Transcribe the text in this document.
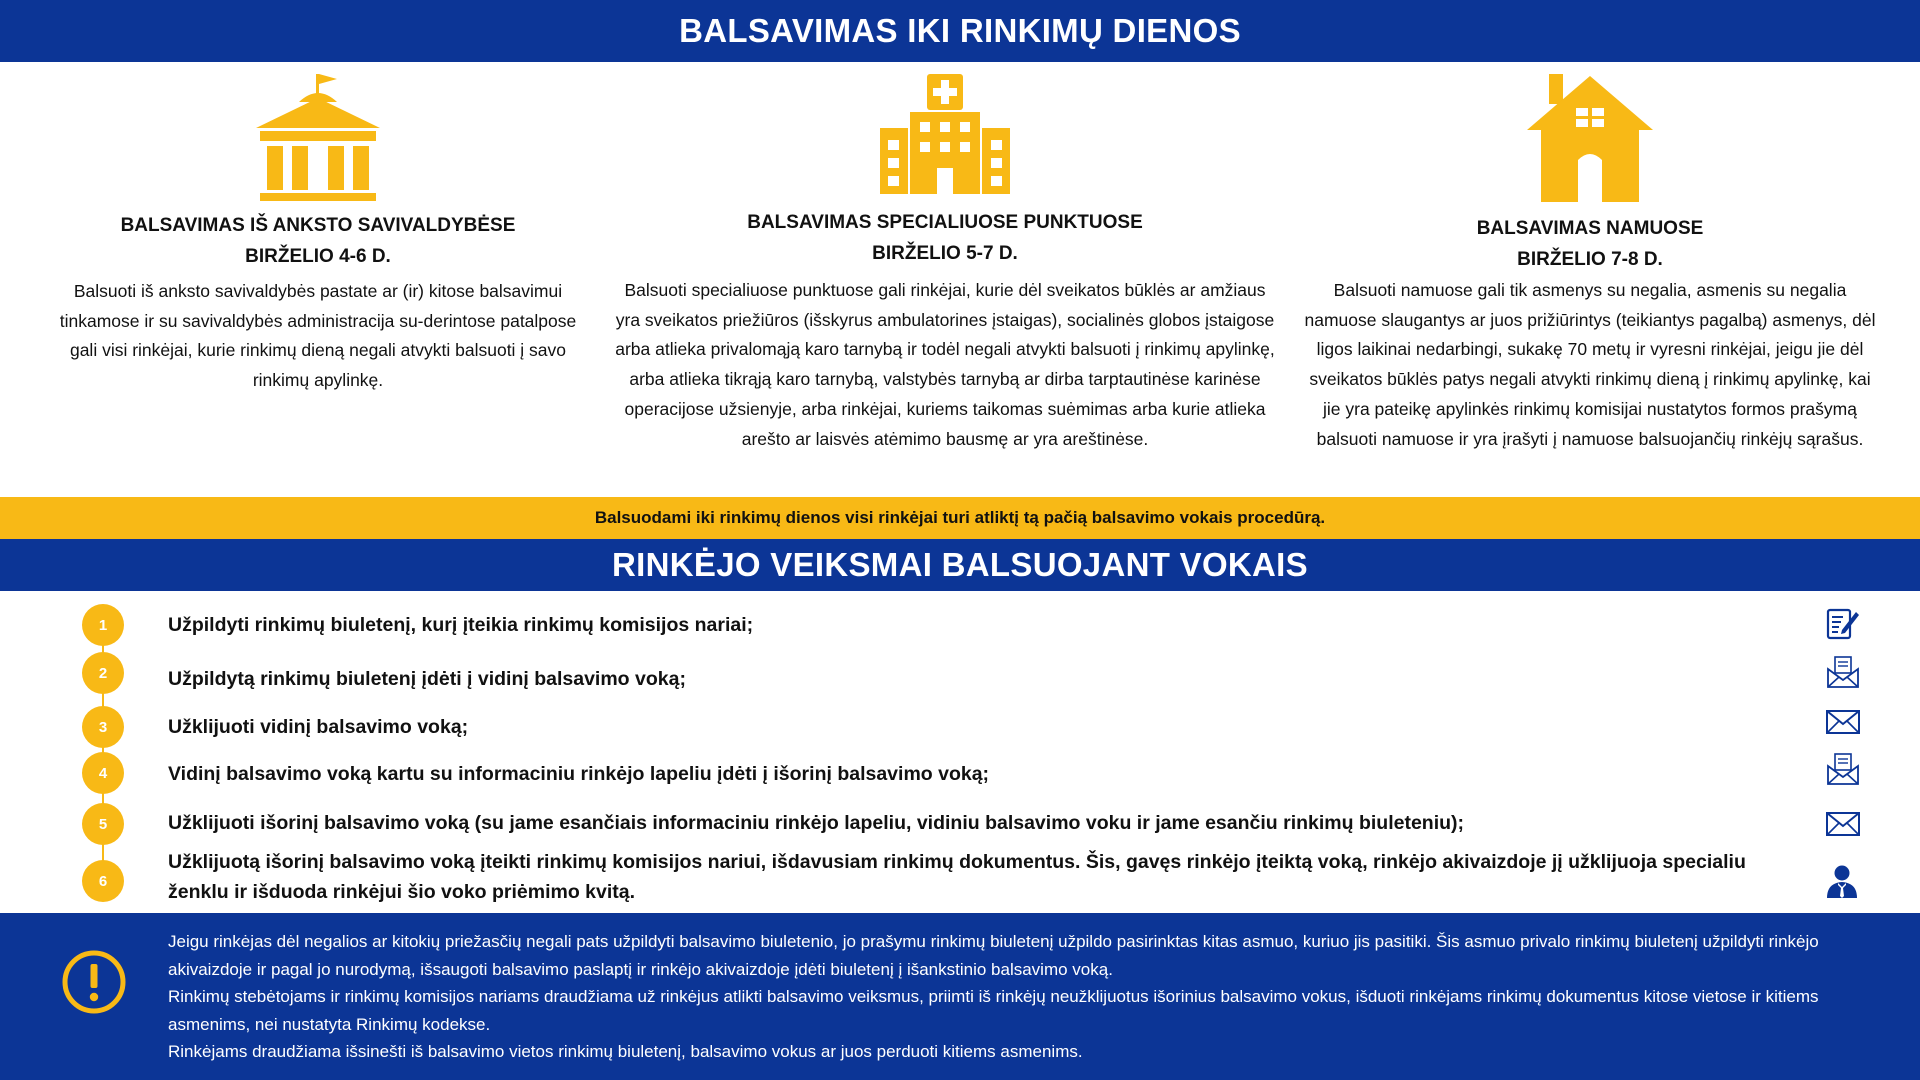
BALSAVIMAS IKI RINKIMŲ DIENOS
BALSAVIMAS IŠ ANKSTO SAVIVALDYBĖSE
BIRŽELIO 4-6 D.
Balsuoti iš anksto savivaldybės pastate ar (ir) kitose balsavimui tinkamose ir su savivaldybės administracija su-derintose patalpose gali visi rinkėjai, kurie rinkimų dieną negali atvykti balsuoti į savo rinkimų apylinkę.
BALSAVIMAS SPECIALIUOSE PUNKTUOSE
BIRŽELIO 5-7 D.
Balsuoti specialiuose punktuose gali rinkėjai, kurie dėl sveikatos būklės ar amžiaus yra sveikatos priežiūros (išskyrus ambulatorines įstaigas), socialinės globos įstaigose arba atlieka privalomąją karo tarnybą ir todėl negali atvykti balsuoti į rinkimų apylinkę, arba atlieka tikrąją karo tarnybą, valstybės tarnybą ar dirba tarptautinėse karinėse operacijose užsienyje, arba rinkėjai, kuriems taikomas suėmimas arba kurie atlieka arešto ar laisvės atėmimo bausmę ar yra areštinėse.
BALSAVIMAS NAMUOSE
BIRŽELIO 7-8 D.
Balsuoti namuose gali tik asmenys su negalia, asmenis su negalia namuose slaugantys ar juos prižiūrintys (teikiantys pagalbą) asmenys, dėl ligos laikinai nedarbingi, sukakę 70 metų ir vyresni rinkėjai, jeigu jie dėl sveikatos būklės patys negali atvykti rinkimų dieną į rinkimų apylinkę, kai jie yra pateikę apylinkės rinkimų komisijai nustatytos formos prašymą balsuoti namuose ir yra įrašyti į namuose balsuojančių rinkėjų sąrašus.
Balsuodami iki rinkimų dienos visi rinkėjai turi atliktį tą pačią balsavimo vokais procedūrą.
RINKĖJO VEIKSMAI BALSUOJANT VOKAIS
1	Užpildyti rinkimų biuletenį, kurį įteikia rinkimų komisijos nariai;
2	Užpildytą rinkimų biuletenį įdėti į vidinį balsavimo voką;
3	Užklijuoti vidinį balsavimo voką;
4	Vidinį balsavimo voką kartu su informaciniu rinkėjo lapeliu įdėti į išorinį balsavimo voką;
5	Užklijuoti išorinį balsavimo voką (su jame esančiais informaciniu rinkėjo lapeliu, vidiniu balsavimo voku ir jame esančiu rinkimų biuleteniu);
6
Užklijuotą išorinį balsavimo voką įteikti rinkimų komisijos nariui, išdavusiam rinkimų dokumentus. Šis, gavęs rinkėjo įteiktą voką, rinkėjo akivaizdoje jį užklijuoja specialiu ženklu ir išduoda rinkėjui šio voko priėmimo kvitą.

Jeigu rinkėjas dėl negalios ar kitokių priežasčių negali pats užpildyti balsavimo biuletenio, jo prašymu rinkimų biuletenį užpildo pasirinktas kitas asmuo, kuriuo jis pasitiki. Šis asmuo privalo rinkimų biuletenį užpildyti rinkėjo akivaizdoje ir pagal jo nurodymą, išsaugoti balsavimo paslaptį ir rinkėjo akivaizdoje įdėti biuletenį į išankstinio balsavimo voką.

Rinkimų stebėtojams ir rinkimų komisijos nariams draudžiama už rinkėjus atlikti balsavimo veiksmus, priimti iš rinkėjų neužklijuotus išorinius balsavimo vokus, išduoti rinkėjams rinkimų dokumentus kitose vietose ir kitiems asmenims, nei nustatyta Rinkimų kodekse.

Rinkėjams draudžiama išsinešti iš balsavimo vietos rinkimų biuletenį, balsavimo vokus ar juos perduoti kitiems asmenims.
